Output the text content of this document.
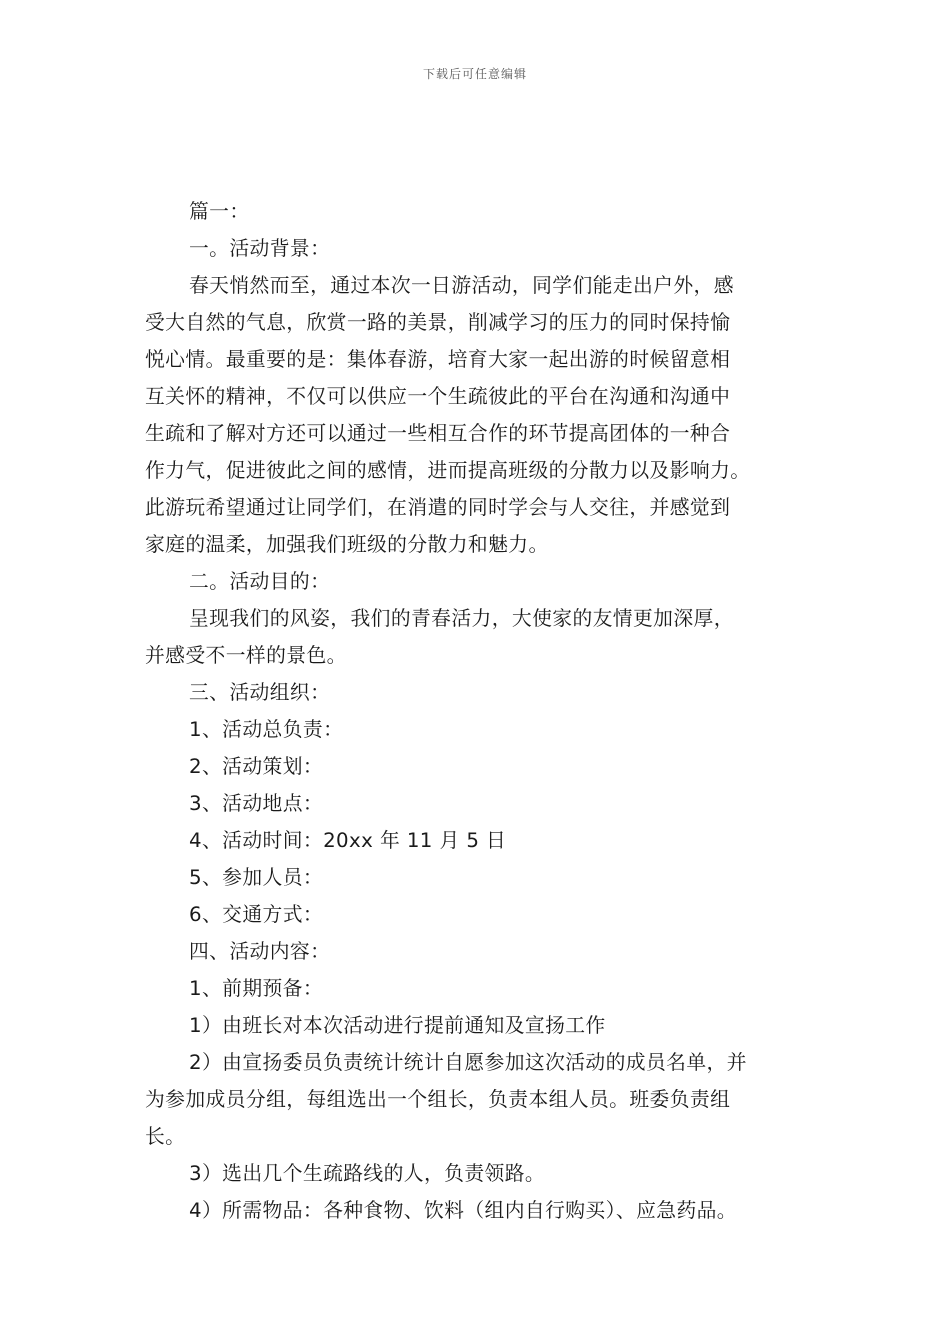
下载后可任意编辑
篇一：
一。活动背景：
春天悄然而至，通过本次一日游活动，同学们能走出户外，感
受大自然的气息，欣赏一路的美景，削减学习的压力的同时保持愉
悦心情。最重要的是：集体春游，培育大家一起出游的时候留意相
互关怀的精神，不仅可以供应一个生疏彼此的平台在沟通和沟通中
生疏和了解对方还可以通过一些相互合作的环节提高团体的一种合
作力气，促进彼此之间的感情，进而提高班级的分散力以及影响力。
此游玩希望通过让同学们，在消遣的同时学会与人交往，并感觉到
家庭的温柔，加强我们班级的分散力和魅力。
二。活动目的：
呈现我们的风姿，我们的青春活力，大使家的友情更加深厚，
并感受不一样的景色。
三、活动组织：
1、活动总负责：
2、活动策划：
3、活动地点：
4、活动时间：20xx 年 11 月 5 日
5、参加人员：
6、交通方式：
四、活动内容：
1、前期预备：
1）由班长对本次活动进行提前通知及宣扬工作
2）由宣扬委员负责统计统计自愿参加这次活动的成员名单，并
为参加成员分组，每组选出一个组长，负责本组人员。班委负责组
长。
3）选出几个生疏路线的人，负责领路。
4）所需物品：各种食物、饮料（组内自行购买）、应急药品。
